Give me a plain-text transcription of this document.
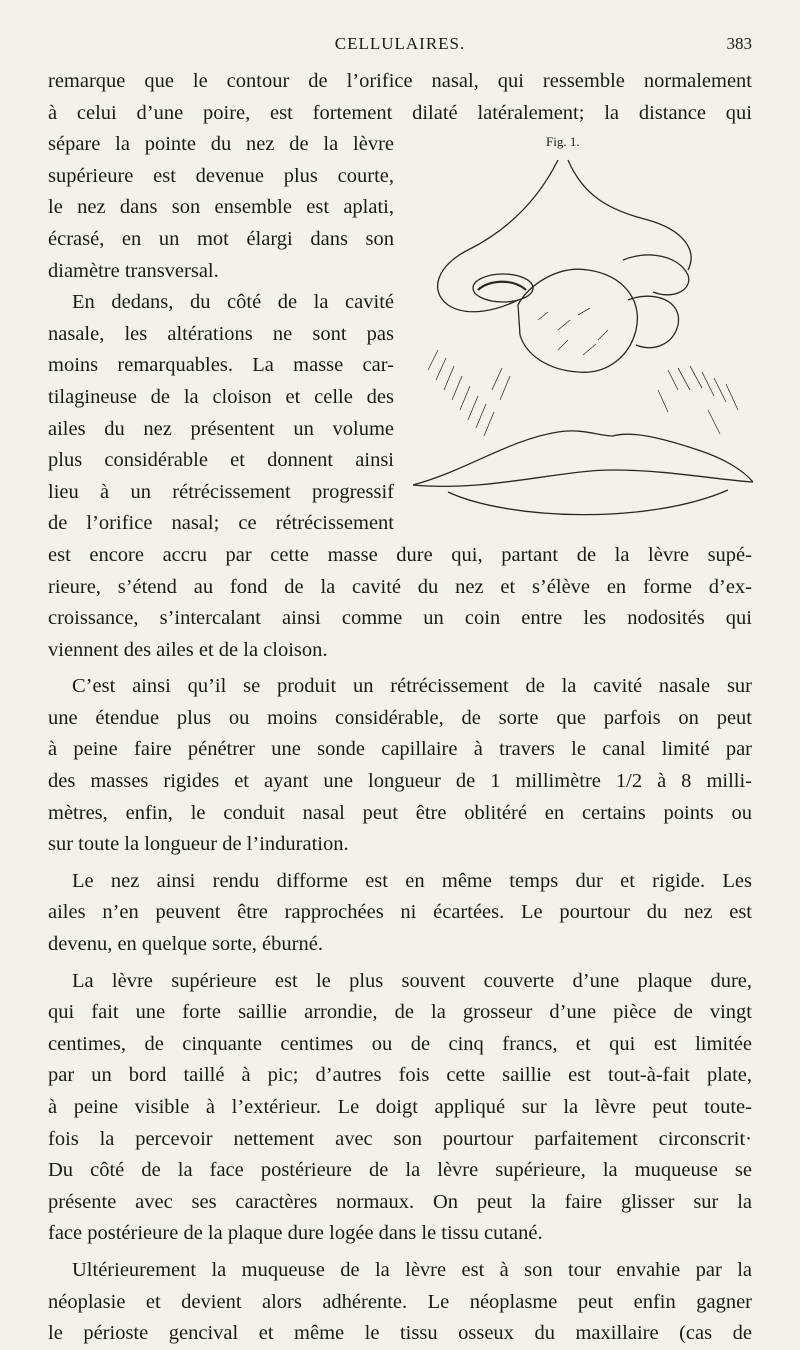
CELLULAIRES.	383
Fig. 1.
remarque que le contour de l’orifice nasal, qui ressemble normalement
à celui d’une poire, est fortement dilaté latéralement; la distance qui
sépare la pointe du nez de la lèvre
supérieure est devenue plus courte,
le nez dans son ensemble est aplati,
écrasé, en un mot élargi dans son
diamètre transversal.
En dedans, du côté de la cavité
nasale, les altérations ne sont pas
moins remarquables. La masse car-
tilagineuse de la cloison et celle des
ailes du nez présentent un volume
plus considérable et donnent ainsi
lieu à un rétrécissement progressif
de l’orifice nasal; ce rétrécissement
est encore accru par cette masse dure qui, partant de la lèvre supé-
rieure, s’étend au fond de la cavité du nez et s’élève en forme d’ex-
croissance, s’intercalant ainsi comme un coin entre les nodosités qui
viennent des ailes et de la cloison.
C’est ainsi qu’il se produit un rétrécissement de la cavité nasale sur
une étendue plus ou moins considérable, de sorte que parfois on peut
à peine faire pénétrer une sonde capillaire à travers le canal limité par
des masses rigides et ayant une longueur de 1 millimètre 1/2 à 8 milli-
mètres, enfin, le conduit nasal peut être oblitéré en certains points ou
sur toute la longueur de l’induration.
Le nez ainsi rendu difforme est en même temps dur et rigide. Les
ailes n’en peuvent être rapprochées ni écartées. Le pourtour du nez est
devenu, en quelque sorte, éburné.
La lèvre supérieure est le plus souvent couverte d’une plaque dure,
qui fait une forte saillie arrondie, de la grosseur d’une pièce de vingt
centimes, de cinquante centimes ou de cinq francs, et qui est limitée
par un bord taillé à pic; d’autres fois cette saillie est tout-à-fait plate,
à peine visible à l’extérieur. Le doigt appliqué sur la lèvre peut toute-
fois la percevoir nettement avec son pourtour parfaitement circonscrit·
Du côté de la face postérieure de la lèvre supérieure, la muqueuse se
présente avec ses caractères normaux. On peut la faire glisser sur la
face postérieure de la plaque dure logée dans le tissu cutané.
Ultérieurement la muqueuse de la lèvre est à son tour envahie par la
néoplasie et devient alors adhérente. Le néoplasme peut enfin gagner
le périoste gencival et même le tissu osseux du maxillaire (cas de
